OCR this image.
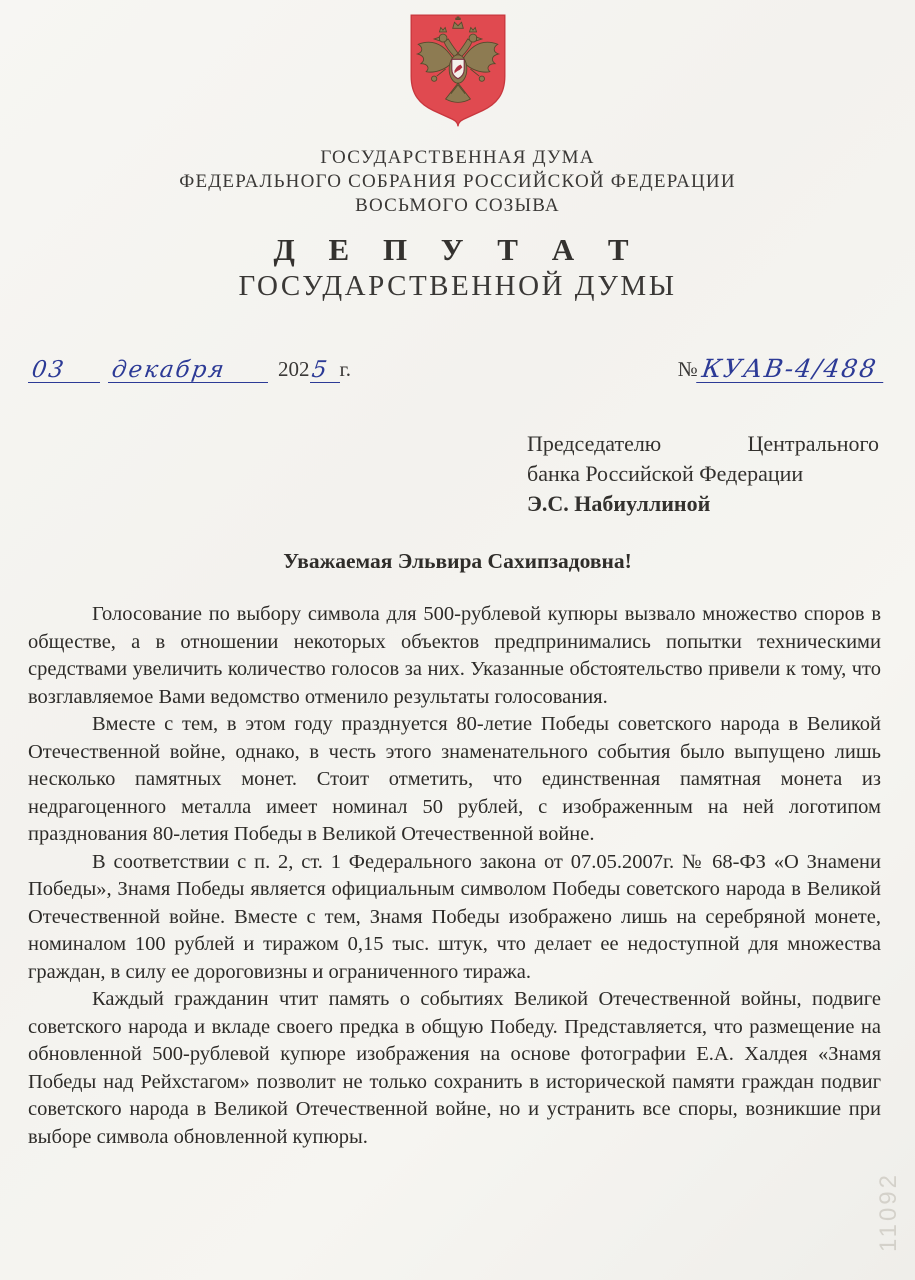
ГОСУДАРСТВЕННАЯ ДУМА
ФЕДЕРАЛЬНОГО СОБРАНИЯ РОССИЙСКОЙ ФЕДЕРАЦИИ
ВОСЬМОГО СОЗЫВА
Д Е П У Т А Т
ГОСУДАРСТВЕННОЙ ДУМЫ
03 декабря 202 5 г.	№ КУАВ-4/488
Председателю Центрального
банка Российской Федерации
Э.С. Набиуллиной
Уважаемая Эльвира Сахипзадовна!

Голосование по выбору символа для 500-рублевой купюры вызвало множество споров в обществе, а в отношении некоторых объектов предпринимались попытки техническими средствами увеличить количество голосов за них. Указанные обстоятельство привели к тому, что возглавляемое Вами ведомство отменило результаты голосования.

Вместе с тем, в этом году празднуется 80-летие Победы советского народа в Великой Отечественной войне, однако, в честь этого знаменательного события было выпущено лишь несколько памятных монет. Стоит отметить, что единственная памятная монета из недрагоценного металла имеет номинал 50 рублей, с изображенным на ней логотипом празднования 80-летия Победы в Великой Отечественной войне.

В соответствии с п. 2, ст. 1 Федерального закона от 07.05.2007г. № 68-ФЗ «О Знамени Победы», Знамя Победы является официальным символом Победы советского народа в Великой Отечественной войне. Вместе с тем, Знамя Победы изображено лишь на серебряной монете, номиналом 100 рублей и тиражом 0,15 тыс. штук, что делает ее недоступной для множества граждан, в силу ее дороговизны и ограниченного тиража.

Каждый гражданин чтит память о событиях Великой Отечественной войны, подвиге советского народа и вкладе своего предка в общую Победу. Представляется, что размещение на обновленной 500-рублевой купюре изображения на основе фотографии Е.А. Халдея «Знамя Победы над Рейхстагом» позволит не только сохранить в исторической памяти граждан подвиг советского народа в Великой Отечественной войне, но и устранить все споры, возникшие при выборе символа обновленной купюры.

11092
